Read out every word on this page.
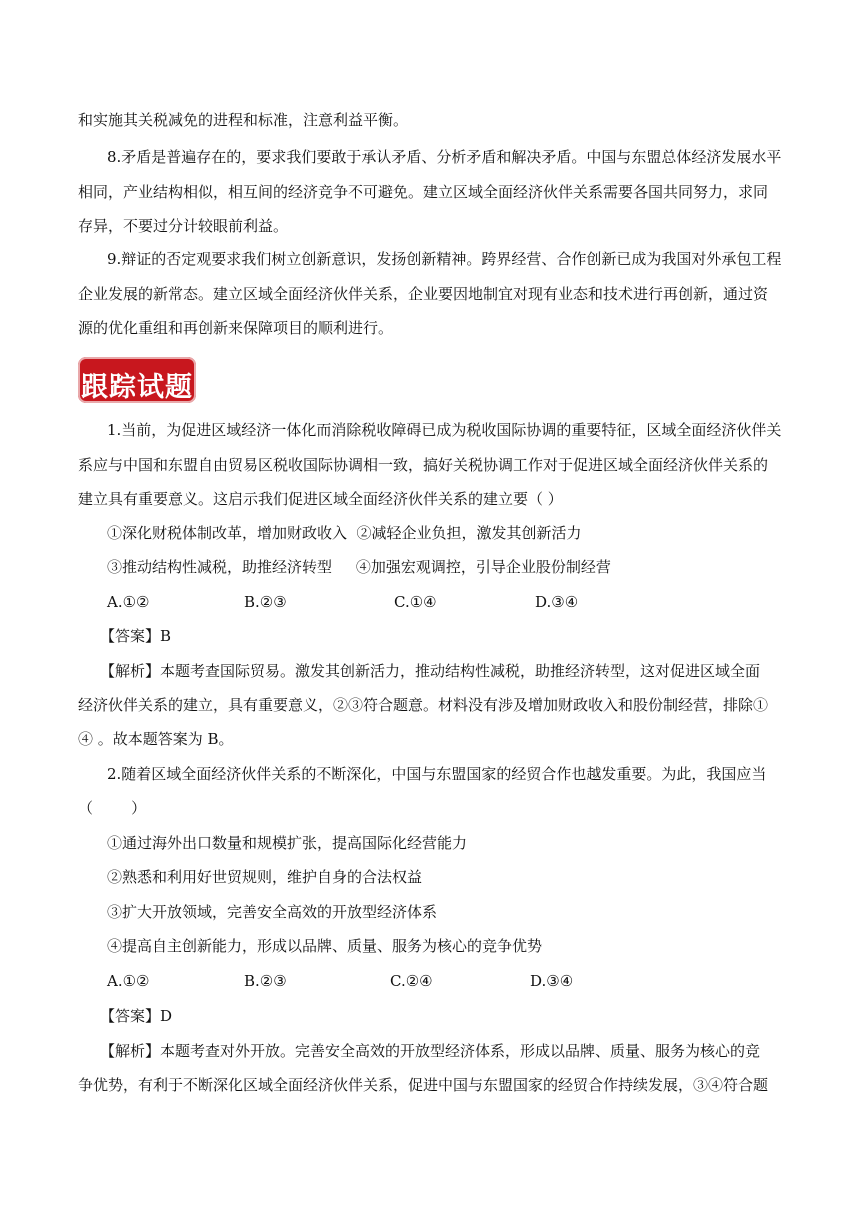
和实施其关税减免的进程和标准，注意利益平衡。
8.矛盾是普遍存在的，要求我们要敢于承认矛盾、分析矛盾和解决矛盾。中国与东盟总体经济发展水平
相同，产业结构相似，相互间的经济竞争不可避免。建立区域全面经济伙伴关系需要各国共同努力，求同
存异，不要过分计较眼前利益。
9.辩证的否定观要求我们树立创新意识，发扬创新精神。跨界经营、合作创新已成为我国对外承包工程
企业发展的新常态。建立区域全面经济伙伴关系，企业要因地制宜对现有业态和技术进行再创新，通过资
源的优化重组和再创新来保障项目的顺利进行。
跟踪试题
1.当前，为促进区域经济一体化而消除税收障碍已成为税收国际协调的重要特征，区域全面经济伙伴关
系应与中国和东盟自由贸易区税收国际协调相一致，搞好关税协调工作对于促进区域全面经济伙伴关系的
建立具有重要意义。这启示我们促进区域全面经济伙伴关系的建立要（ ）
①深化财税体制改革，增加财政收入  ②减轻企业负担，激发其创新活力
③推动结构性减税，助推经济转型     ④加强宏观调控，引导企业股份制经营
A.①②	B.②③	C.①④	D.③④
【答案】B
【解析】本题考查国际贸易。激发其创新活力，推动结构性减税，助推经济转型，这对促进区域全面
经济伙伴关系的建立，具有重要意义，②③符合题意。材料没有涉及增加财政收入和股份制经营，排除①
④ 。故本题答案为 B。
2.随着区域全面经济伙伴关系的不断深化，中国与东盟国家的经贸合作也越发重要。为此，我国应当
（        ）
①通过海外出口数量和规模扩张，提高国际化经营能力
②熟悉和利用好世贸规则，维护自身的合法权益
③扩大开放领域，完善安全高效的开放型经济体系
④提高自主创新能力，形成以品牌、质量、服务为核心的竞争优势
A.①②	B.②③	C.②④	D.③④
【答案】D
【解析】本题考查对外开放。完善安全高效的开放型经济体系，形成以品牌、质量、服务为核心的竞
争优势，有利于不断深化区域全面经济伙伴关系，促进中国与东盟国家的经贸合作持续发展，③④符合题
